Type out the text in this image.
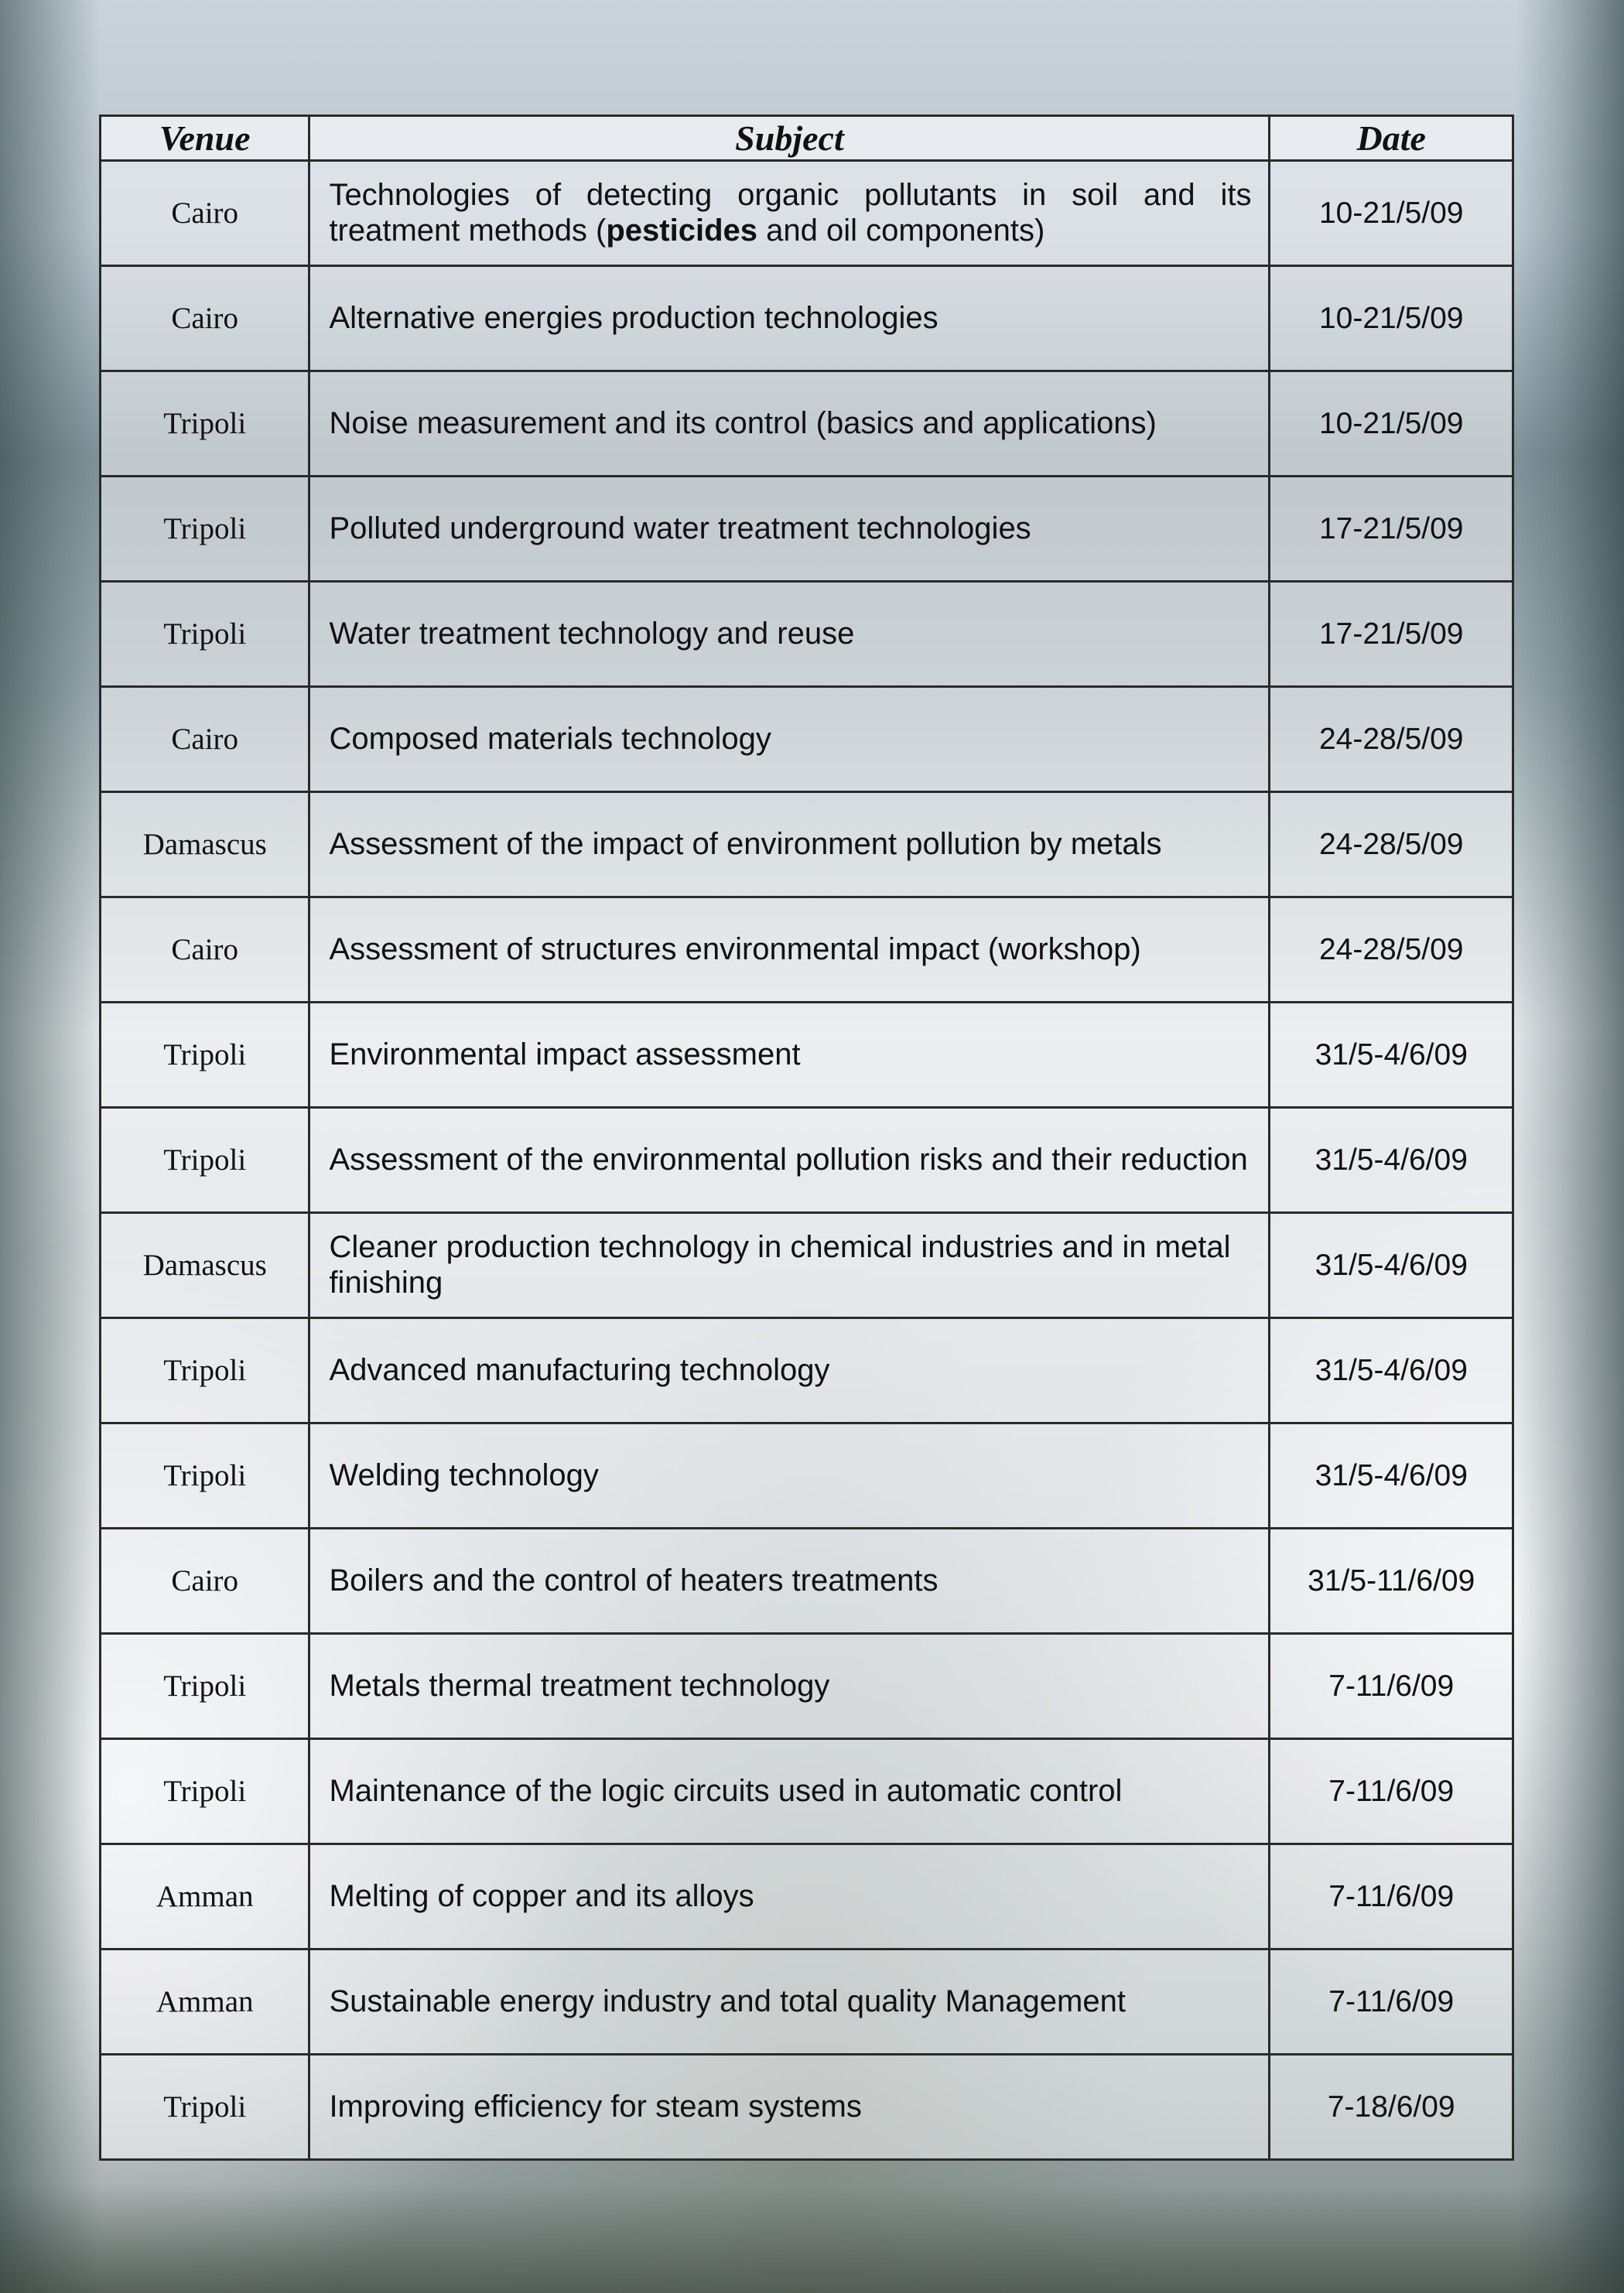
Venue	Subject	Date
Cairo	Technologies of detecting organic pollutants in soil and its treatment methods (pesticides and oil components)	10-21/5/09
Cairo	Alternative energies production technologies	10-21/5/09
Tripoli	Noise measurement and its control (basics and applications)	10-21/5/09
Tripoli	Polluted underground water treatment technologies	17-21/5/09
Tripoli	Water treatment technology and reuse	17-21/5/09
Cairo	Composed materials technology	24-28/5/09
Damascus	Assessment of the impact of environment pollution by metals	24-28/5/09
Cairo	Assessment of structures environmental impact (workshop)	24-28/5/09
Tripoli	Environmental impact assessment	31/5-4/6/09
Tripoli	Assessment of the environmental pollution risks and their reduction	31/5-4/6/09
Damascus	Cleaner production technology in chemical industries and in metal finishing	31/5-4/6/09
Tripoli	Advanced manufacturing technology	31/5-4/6/09
Tripoli	Welding technology	31/5-4/6/09
Cairo	Boilers and the control of heaters treatments	31/5-11/6/09
Tripoli	Metals thermal treatment technology	7-11/6/09
Tripoli	Maintenance of the logic circuits used in automatic control	7-11/6/09
Amman	Melting of copper and its alloys	7-11/6/09
Amman	Sustainable energy industry and total quality Management	7-11/6/09
Tripoli	Improving efficiency for steam systems	7-18/6/09
